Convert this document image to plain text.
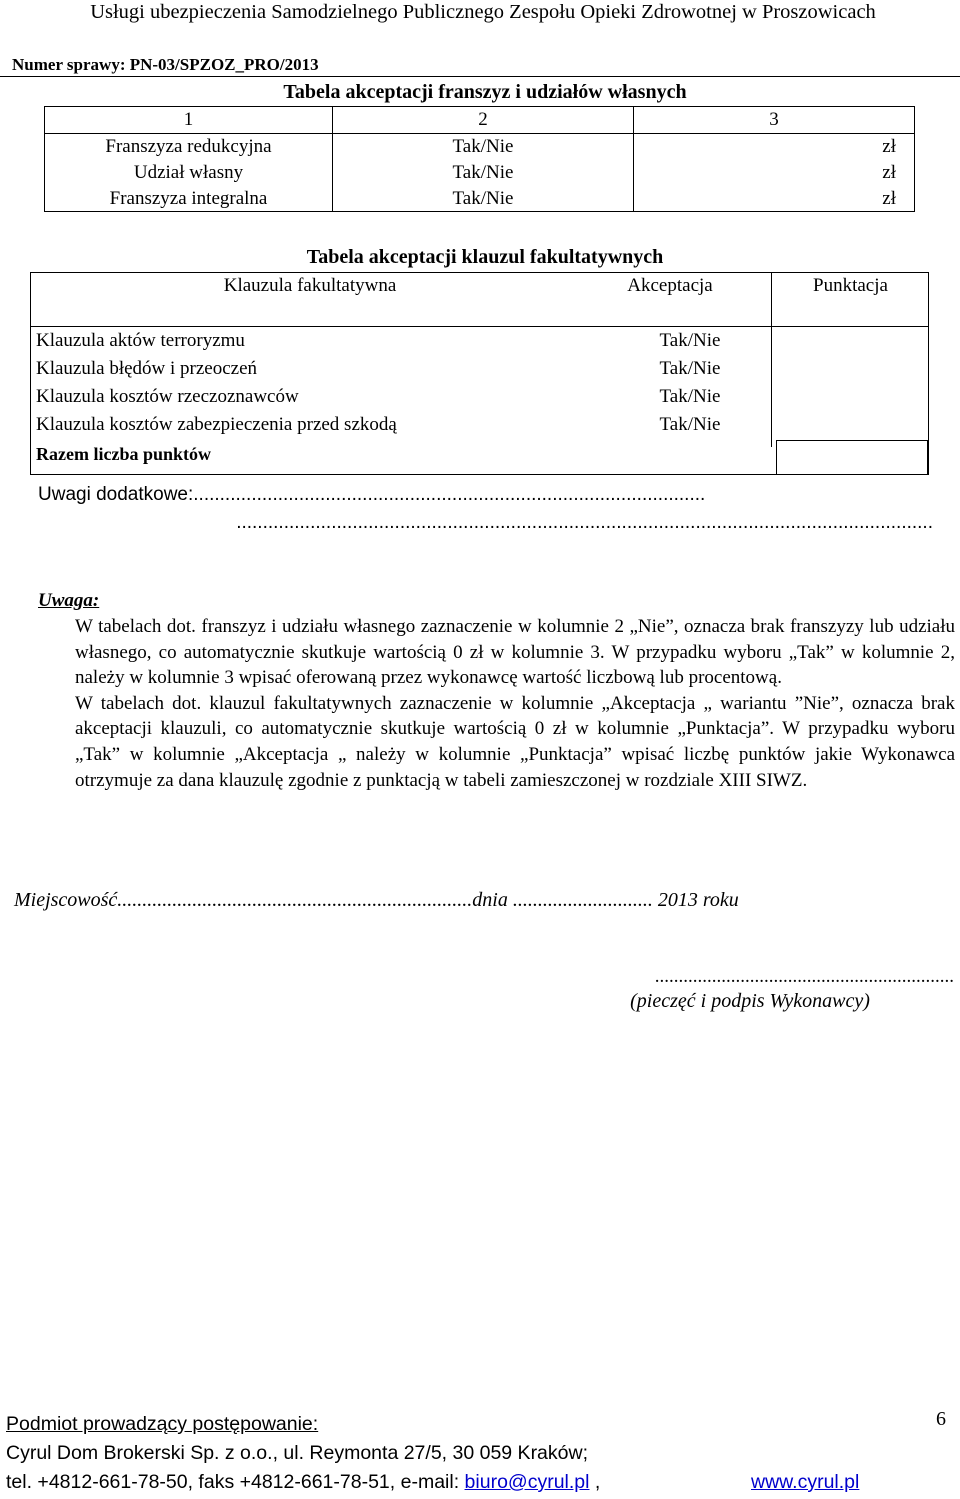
Usługi ubezpieczenia Samodzielnego Publicznego Zespołu Opieki Zdrowotnej w Proszowicach
Numer sprawy: PN-03/SPZOZ_PRO/2013
Tabela akceptacji franszyz i udziałów własnych
1	2	3
Franszyza redukcyjna	Tak/Nie	zł
Udział własny	Tak/Nie	zł
Franszyza integralna	Tak/Nie	zł
Tabela akceptacji klauzul fakultatywnych
Klauzula fakultatywna	Akceptacja	Punktacja
Klauzula aktów terroryzmu	Tak/Nie
Klauzula błędów i przeoczeń	Tak/Nie
Klauzula kosztów rzeczoznawców	Tak/Nie
Klauzula kosztów zabezpieczenia przed szkodą	Tak/Nie
Razem liczba punktów
Uwagi dodatkowe:.................................................................................................
....................................................................................................................................
Uwaga:

W tabelach dot. franszyz i udziału własnego zaznaczenie w kolumnie 2 „Nie”, oznacza brak franszyzy lub udziału własnego, co automatycznie skutkuje wartością 0 zł w kolumnie 3. W przypadku wyboru „Tak” w kolumnie 2, należy w kolumnie 3 wpisać oferowaną przez wykonawcę wartość liczbową lub procentową.

W tabelach dot. klauzul fakultatywnych zaznaczenie w kolumnie „Akceptacja „ wariantu ”Nie”, oznacza brak akceptacji klauzuli, co automatycznie skutkuje wartością 0 zł w kolumnie „Punktacja”. W przypadku wyboru „Tak” w kolumnie „Akceptacja „ należy w kolumnie „Punktacja” wpisać liczbę punktów jakie Wykonawca otrzymuje za dana klauzulę zgodnie z punktacją w tabeli zamieszczonej w rozdziale XIII SIWZ.

Miejscowość.......................................................................dnia ............................ 2013 roku
...............................................................
(pieczęć i podpis Wykonawcy)
Podmiot prowadzący postępowanie:
Cyrul Dom Brokerski Sp. z o.o., ul. Reymonta 27/5, 30 059 Kraków;
tel. +4812-661-78-50, faks +4812-661-78-51, e-mail: biuro@cyrul.pl ,	www.cyrul.pl
6
